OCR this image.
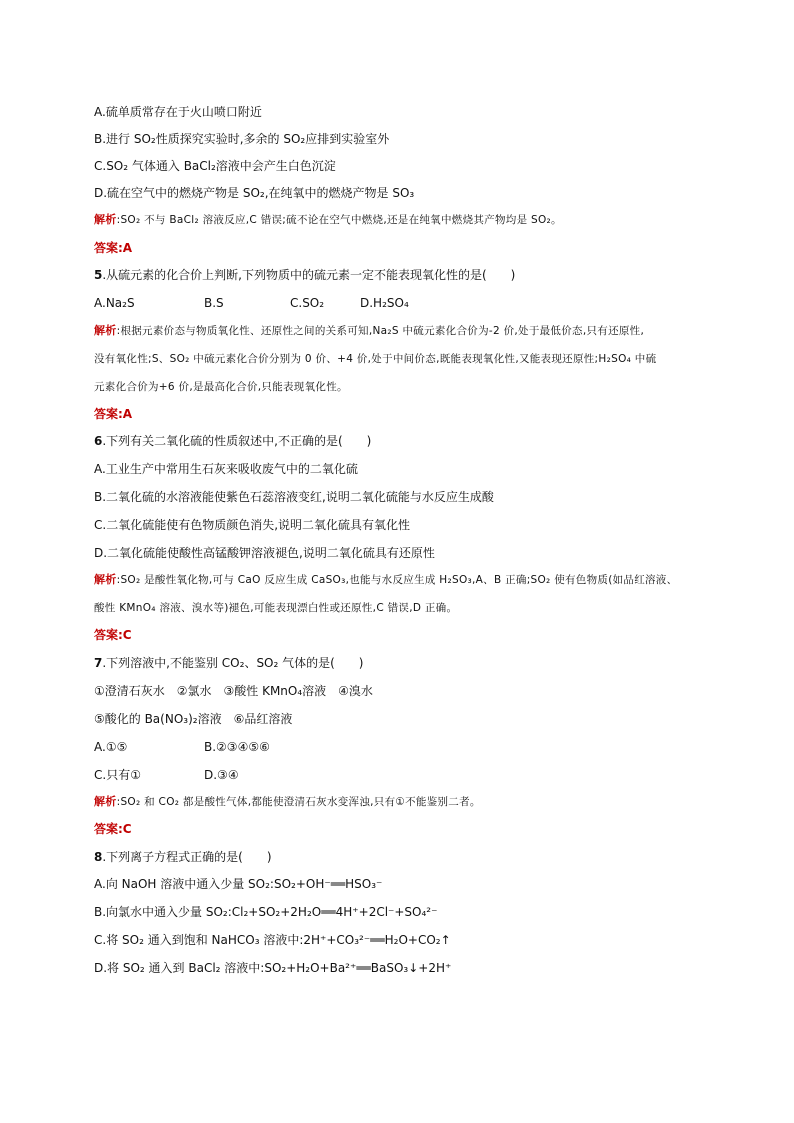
A.硫单质常存在于火山喷口附近
B.进行 SO₂性质探究实验时,多余的 SO₂应排到实验室外
C.SO₂ 气体通入 BaCl₂溶液中会产生白色沉淀
D.硫在空气中的燃烧产物是 SO₂,在纯氧中的燃烧产物是 SO₃
解析:SO₂ 不与 BaCl₂ 溶液反应,C 错误;硫不论在空气中燃烧,还是在纯氧中燃烧其产物均是 SO₂。
答案:A
5.从硫元素的化合价上判断,下列物质中的硫元素一定不能表现氧化性的是(　　)
A.Na₂S	B.S	C.SO₂	D.H₂SO₄
解析:根据元素价态与物质氧化性、还原性之间的关系可知,Na₂S 中硫元素化合价为-2 价,处于最低价态,只有还原性,
没有氧化性;S、SO₂ 中硫元素化合价分别为 0 价、+4 价,处于中间价态,既能表现氧化性,又能表现还原性;H₂SO₄ 中硫
元素化合价为+6 价,是最高化合价,只能表现氧化性。
答案:A
6.下列有关二氧化硫的性质叙述中,不正确的是(　　)
A.工业生产中常用生石灰来吸收废气中的二氧化硫
B.二氧化硫的水溶液能使紫色石蕊溶液变红,说明二氧化硫能与水反应生成酸
C.二氧化硫能使有色物质颜色消失,说明二氧化硫具有氧化性
D.二氧化硫能使酸性高锰酸钾溶液褪色,说明二氧化硫具有还原性
解析:SO₂ 是酸性氧化物,可与 CaO 反应生成 CaSO₃,也能与水反应生成 H₂SO₃,A、B 正确;SO₂ 使有色物质(如品红溶液、
酸性 KMnO₄ 溶液、溴水等)褪色,可能表现漂白性或还原性,C 错误,D 正确。
答案:C
7.下列溶液中,不能鉴别 CO₂、SO₂ 气体的是(　　)
①澄清石灰水　②氯水　③酸性 KMnO₄溶液　④溴水
⑤酸化的 Ba(NO₃)₂溶液　⑥品红溶液
A.①⑤	B.②③④⑤⑥
C.只有①	D.③④
解析:SO₂ 和 CO₂ 都是酸性气体,都能使澄清石灰水变浑浊,只有①不能鉴别二者。
答案:C
8.下列离子方程式正确的是(　　)
A.向 NaOH 溶液中通入少量 SO₂:SO₂+OH⁻══HSO₃⁻
B.向氯水中通入少量 SO₂:Cl₂+SO₂+2H₂O══4H⁺+2Cl⁻+SO₄²⁻
C.将 SO₂ 通入到饱和 NaHCO₃ 溶液中:2H⁺+CO₃²⁻══H₂O+CO₂↑
D.将 SO₂ 通入到 BaCl₂ 溶液中:SO₂+H₂O+Ba²⁺══BaSO₃↓+2H⁺
